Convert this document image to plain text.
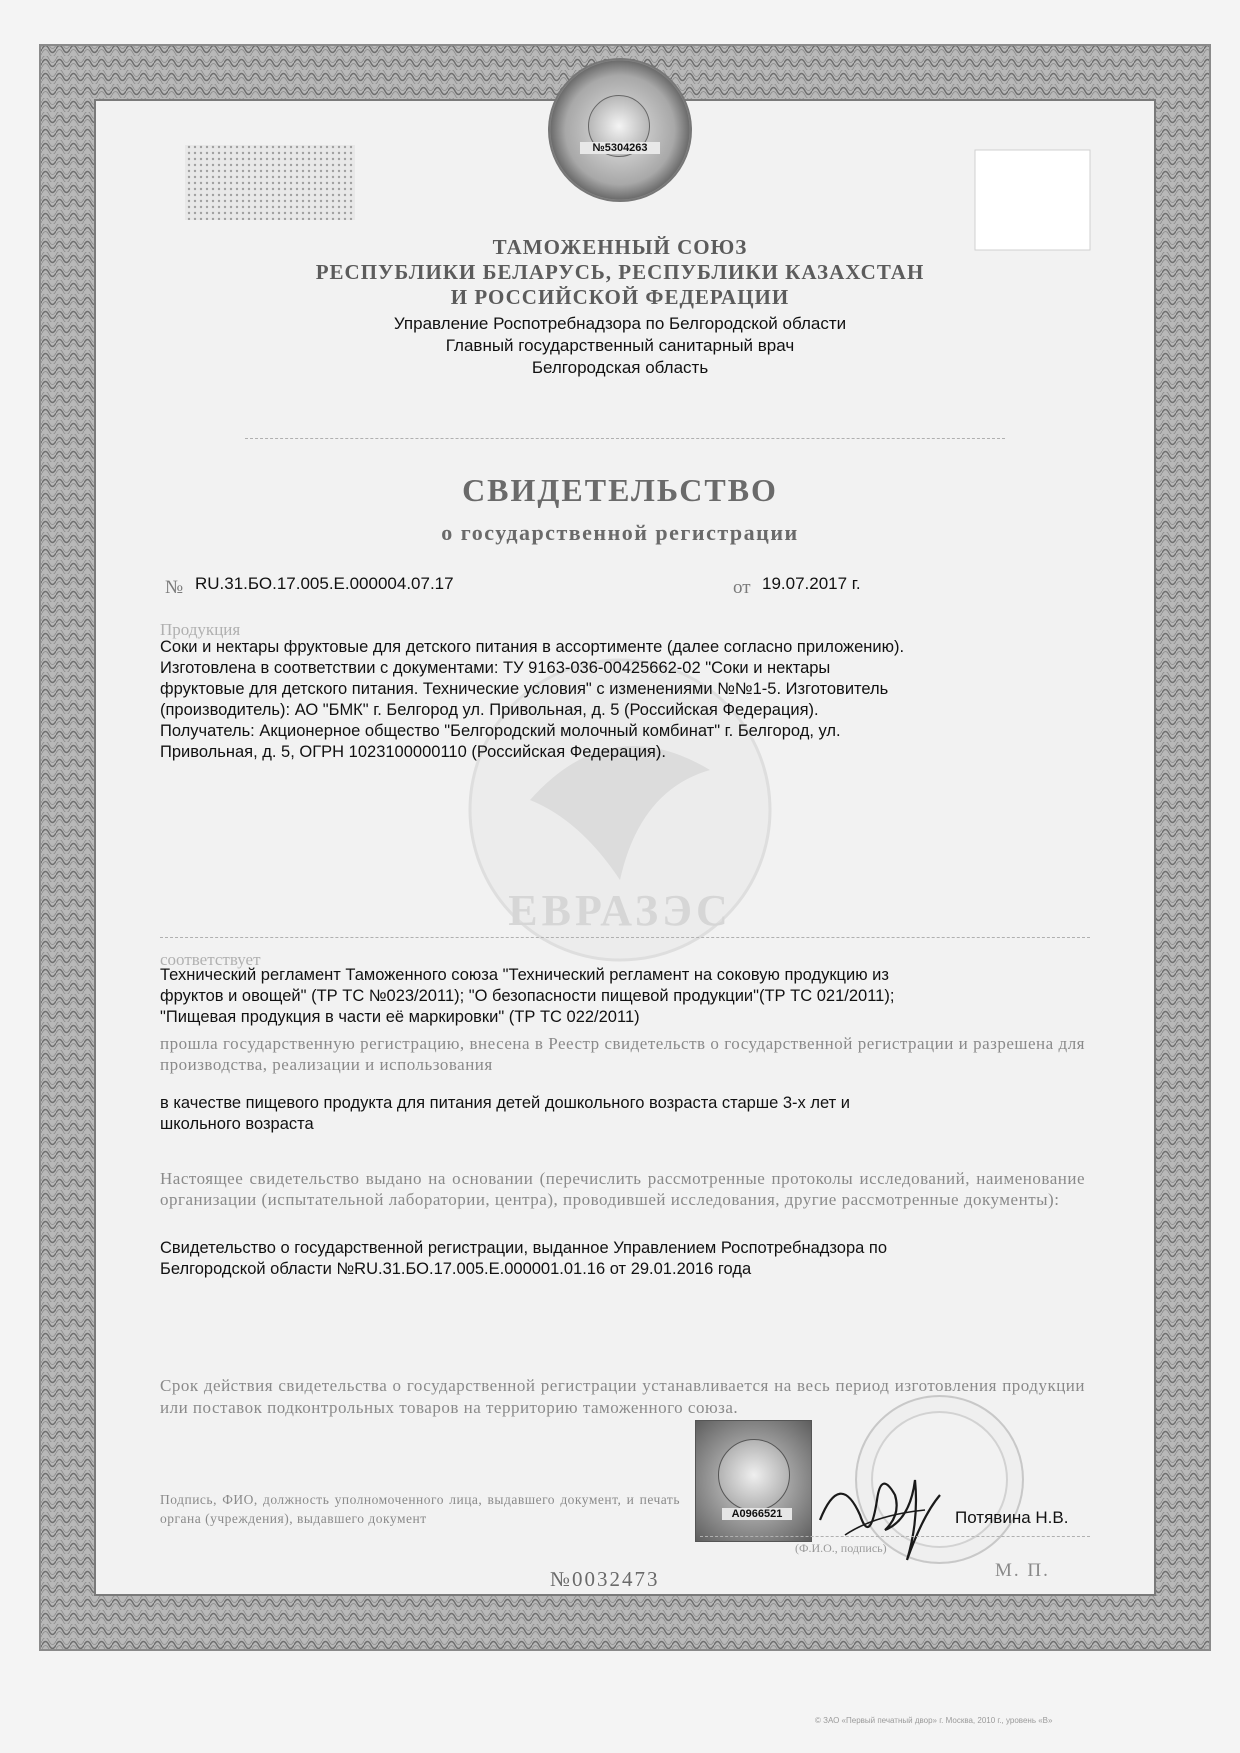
№5304263
ЕВРАЗЭС
ТАМОЖЕННЫЙ СОЮЗ
РЕСПУБЛИКИ БЕЛАРУСЬ, РЕСПУБЛИКИ КАЗАХСТАН
И РОССИЙСКОЙ ФЕДЕРАЦИИ
Управление Роспотребнадзора по Белгородской области
Главный государственный санитарный врач
Белгородская область
СВИДЕТЕЛЬСТВО
о государственной регистрации
№ RU.31.БО.17.005.Е.000004.07.17	от 19.07.2017 г.
Продукция
Соки и нектары фруктовые для детского питания в ассортименте (далее согласно приложению).
Изготовлена в соответствии с документами: ТУ 9163-036-00425662-02 "Соки и нектары
фруктовые для детского питания. Технические условия" с изменениями №№1-5. Изготовитель
(производитель): АО "БМК" г. Белгород ул. Привольная, д. 5 (Российская Федерация).
Получатель: Акционерное общество "Белгородский молочный комбинат" г. Белгород, ул.
Привольная, д. 5, ОГРН 1023100000110 (Российская Федерация).
соответствует
Технический регламент Таможенного союза "Технический регламент на соковую продукцию из
фруктов и овощей" (ТР ТС №023/2011); "О безопасности пищевой продукции"(ТР ТС 021/2011);
"Пищевая продукция в части её маркировки" (ТР ТС 022/2011)
прошла государственную регистрацию, внесена в Реестр свидетельств о государственной регистрации и разрешена для производства, реализации и использования
в качестве пищевого продукта для питания детей дошкольного возраста старше 3-х лет и
школьного возраста
Настоящее свидетельство выдано на основании (перечислить рассмотренные протоколы исследований, наименование организации (испытательной лаборатории, центра), проводившей исследования, другие рассмотренные документы):
Свидетельство о государственной регистрации, выданное Управлением Роспотребнадзора по
Белгородской области №RU.31.БО.17.005.Е.000001.01.16 от 29.01.2016 года
Срок действия свидетельства о государственной регистрации устанавливается на весь период изготовления продукции или поставок подконтрольных товаров на территорию таможенного союза.
Подпись, ФИО, должность уполномоченного лица, выдавшего документ, и печать органа (учреждения), выдавшего документ	A0966521	Потявина Н.В.
(Ф.И.О., подпись)
М. П.
№0032473
© ЗАО «Первый печатный двор» г. Москва, 2010 г., уровень «В»
